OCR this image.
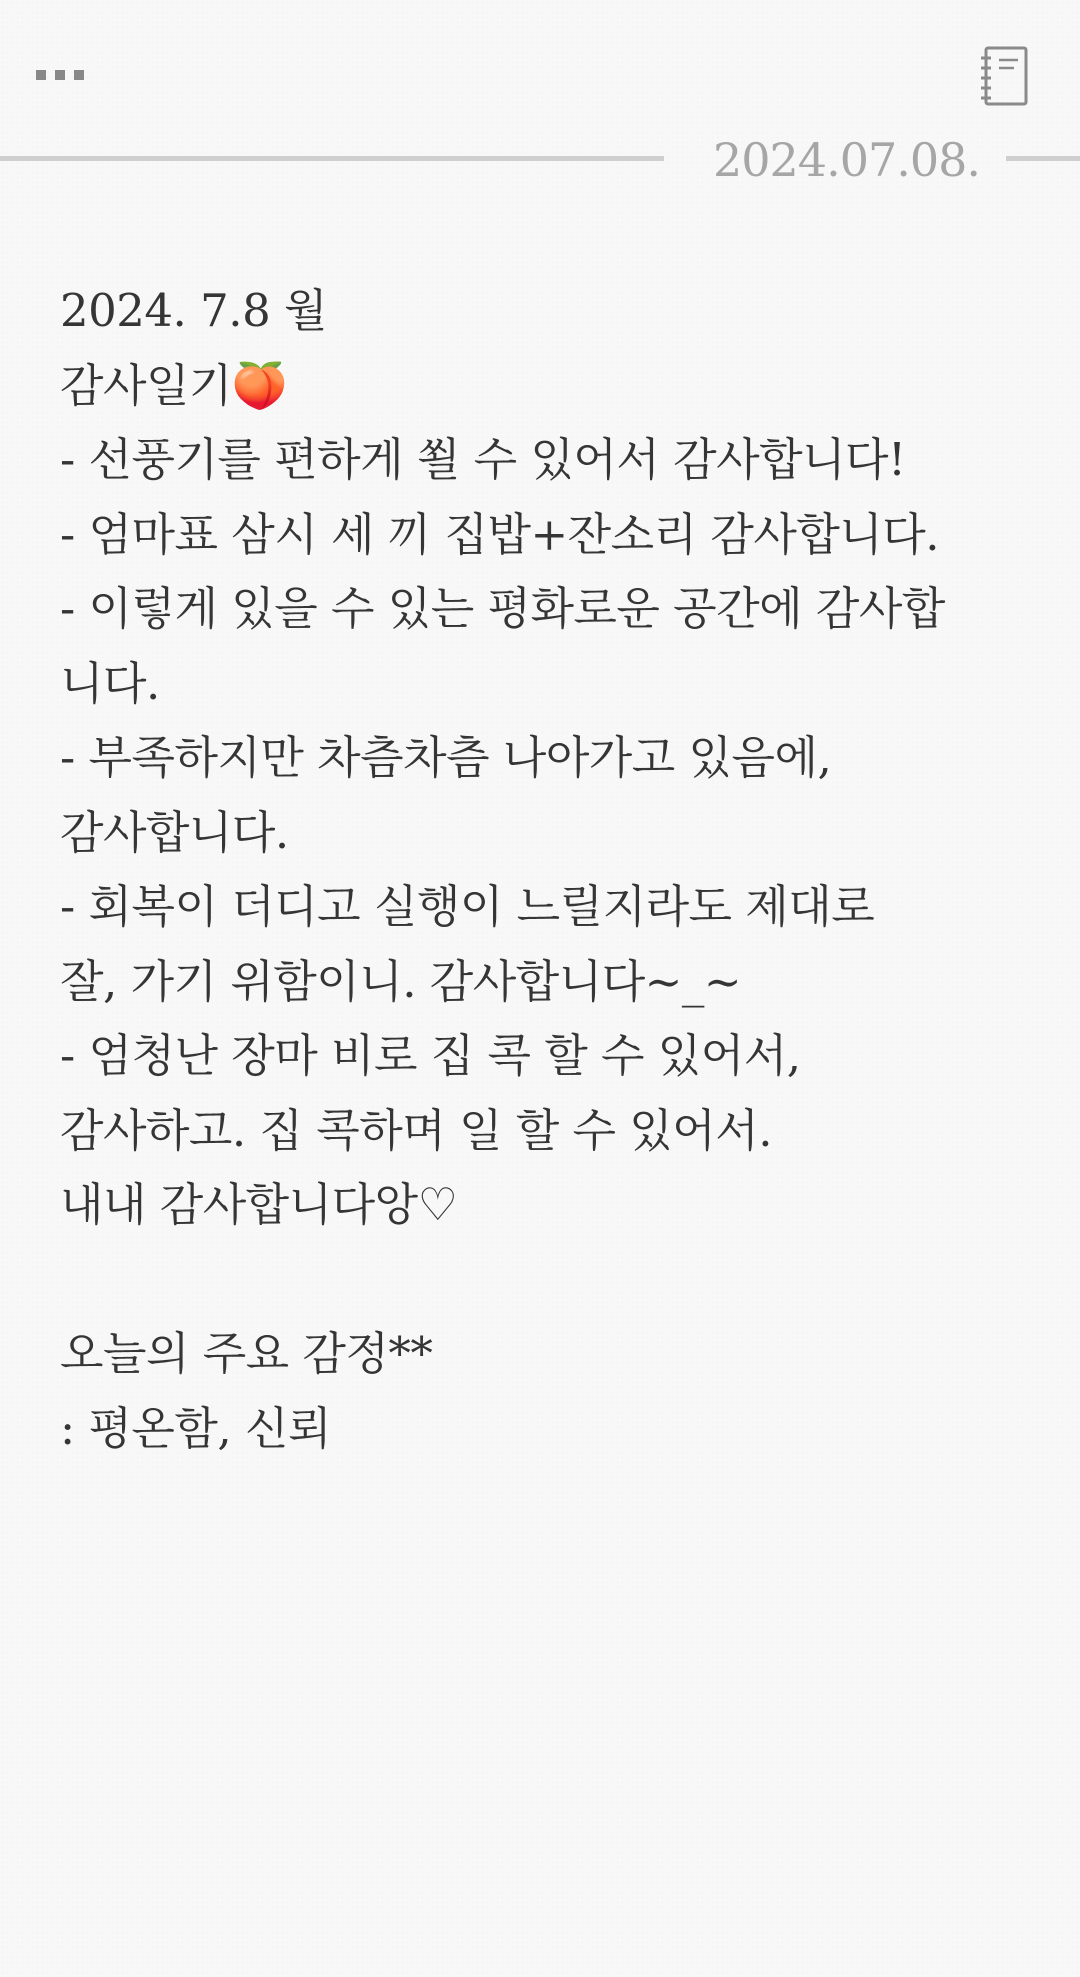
2024.07.08.
2024. 7.8 월
감사일기🍑
- 선풍기를 편하게 쐴 수 있어서 감사합니다!
- 엄마표 삼시 세 끼 집밥+잔소리 감사합니다.
- 이렇게 있을 수 있는 평화로운 공간에 감사합
니다.
- 부족하지만 차츰차츰 나아가고 있음에,
감사합니다.
- 회복이 더디고 실행이 느릴지라도 제대로
잘, 가기 위함이니. 감사합니다~_~
- 엄청난 장마 비로 집 콕 할 수 있어서,
감사하고. 집 콕하며 일 할 수 있어서.
내내 감사합니다앙♡
오늘의 주요 감정**
: 평온함, 신뢰
